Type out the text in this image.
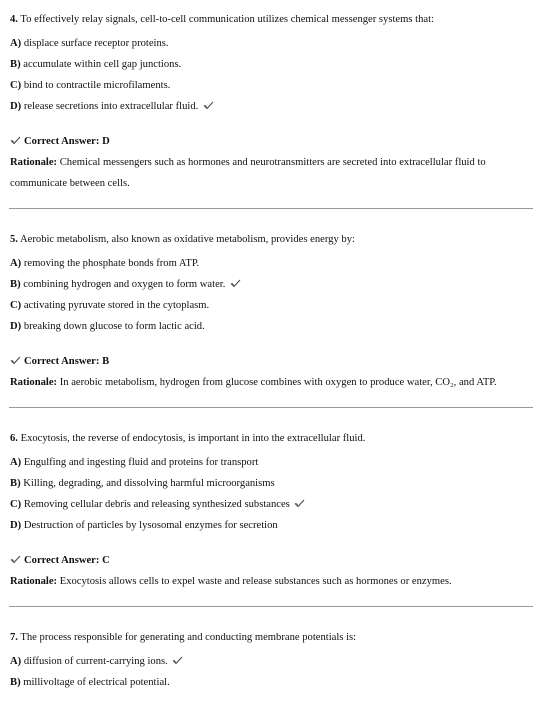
4. To effectively relay signals, cell-to-cell communication utilizes chemical messenger systems that:
A) displace surface receptor proteins.
B) accumulate within cell gap junctions.
C) bind to contractile microfilaments.
D) release secretions into extracellular fluid.
Correct Answer: D
Rationale: Chemical messengers such as hormones and neurotransmitters are secreted into extracellular fluid to communicate between cells.
5. Aerobic metabolism, also known as oxidative metabolism, provides energy by:
A) removing the phosphate bonds from ATP.
B) combining hydrogen and oxygen to form water.
C) activating pyruvate stored in the cytoplasm.
D) breaking down glucose to form lactic acid.
Correct Answer: B
Rationale: In aerobic metabolism, hydrogen from glucose combines with oxygen to produce water, CO₂, and ATP.
6. Exocytosis, the reverse of endocytosis, is important in into the extracellular fluid.
A) Engulfing and ingesting fluid and proteins for transport
B) Killing, degrading, and dissolving harmful microorganisms
C) Removing cellular debris and releasing synthesized substances
D) Destruction of particles by lysosomal enzymes for secretion
Correct Answer: C
Rationale: Exocytosis allows cells to expel waste and release substances such as hormones or enzymes.
7. The process responsible for generating and conducting membrane potentials is:
A) diffusion of current-carrying ions.
B) millivoltage of electrical potential.
